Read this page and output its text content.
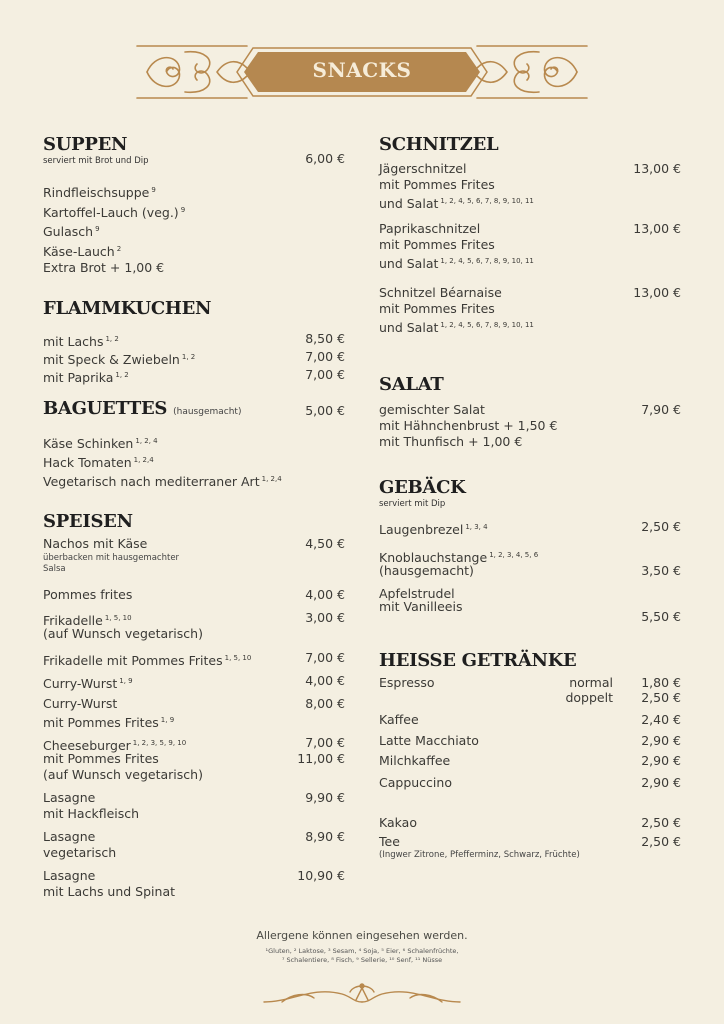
SNACKS
SUPPEN
serviert mit Brot und Dip	6,00 €
Rindfleischsuppe $^9$
Kartoffel-Lauch (veg.) $^9$
Gulasch $^9$
Käse-Lauch $^2$
Extra Brot + 1,00 €
FLAMMKUCHEN
mit Lachs $^{1, 2}$	8,50 €
mit Speck & Zwiebeln $^{1, 2}$	7,00 €
mit Paprika $^{1, 2}$	7,00 €
BAGUETTES (hausgemacht)	5,00 €
Käse Schinken $^{1, 2, 4}$
Hack Tomaten $^{1, 2,4}$
Vegetarisch nach mediterraner Art $^{1, 2,4}$
SPEISEN
Nachos mit Käse	4,50 €
überbacken mit hausgemachter
Salsa
Pommes frites	4,00 €
Frikadelle $^{1, 5, 10}$	3,00 €
(auf Wunsch vegetarisch)
Frikadelle mit Pommes Frites $^{1, 5, 10}$	7,00 €
Curry-Wurst $^{1, 9}$	4,00 €
Curry-Wurst	8,00 €
mit Pommes Frites $^{1, 9}$
Cheeseburger $^{1, 2, 3, 5, 9, 10}$	7,00 €
mit Pommes Frites	11,00 €
(auf Wunsch vegetarisch)
Lasagne	9,90 €
mit Hackfleisch
Lasagne	8,90 €
vegetarisch
Lasagne	10,90 €
mit Lachs und Spinat
SCHNITZEL
Jägerschnitzel	13,00 €
mit Pommes Frites
und Salat $^{1, 2, 4, 5, 6, 7, 8, 9, 10, 11}$
Paprikaschnitzel	13,00 €
mit Pommes Frites
und Salat $^{1, 2, 4, 5, 6, 7, 8, 9, 10, 11}$
Schnitzel Béarnaise	13,00 €
mit Pommes Frites
und Salat $^{1, 2, 4, 5, 6, 7, 8, 9, 10, 11}$
SALAT
gemischter Salat	7,90 €
mit Hähnchenbrust + 1,50 €
mit Thunfisch + 1,00 €
GEBÄCK
serviert mit Dip
Laugenbrezel $^{1, 3, 4}$	2,50 €
Knoblauchstange $^{1, 2, 3, 4, 5, 6}$
(hausgemacht)	3,50 €
Apfelstrudel
mit Vanilleeis
5,50 €
HEISSE GETRÄNKE
Espresso	normal 1,80 €
doppelt 2,50 €
Kaffee	2,40 €
Latte Macchiato	2,90 €
Milchkaffee	2,90 €
Cappuccino	2,90 €
Kakao	2,50 €
Tee	2,50 €
(Ingwer Zitrone, Pfefferminz, Schwarz, Früchte)
Allergene können eingesehen werden.
¹Gluten, ² Laktose, ³ Sesam, ⁴ Soja, ⁵ Eier, ⁶ Schalenfrüchte,
⁷ Schalentiere, ⁸ Fisch, ⁹ Sellerie, ¹⁰ Senf, ¹¹ Nüsse
